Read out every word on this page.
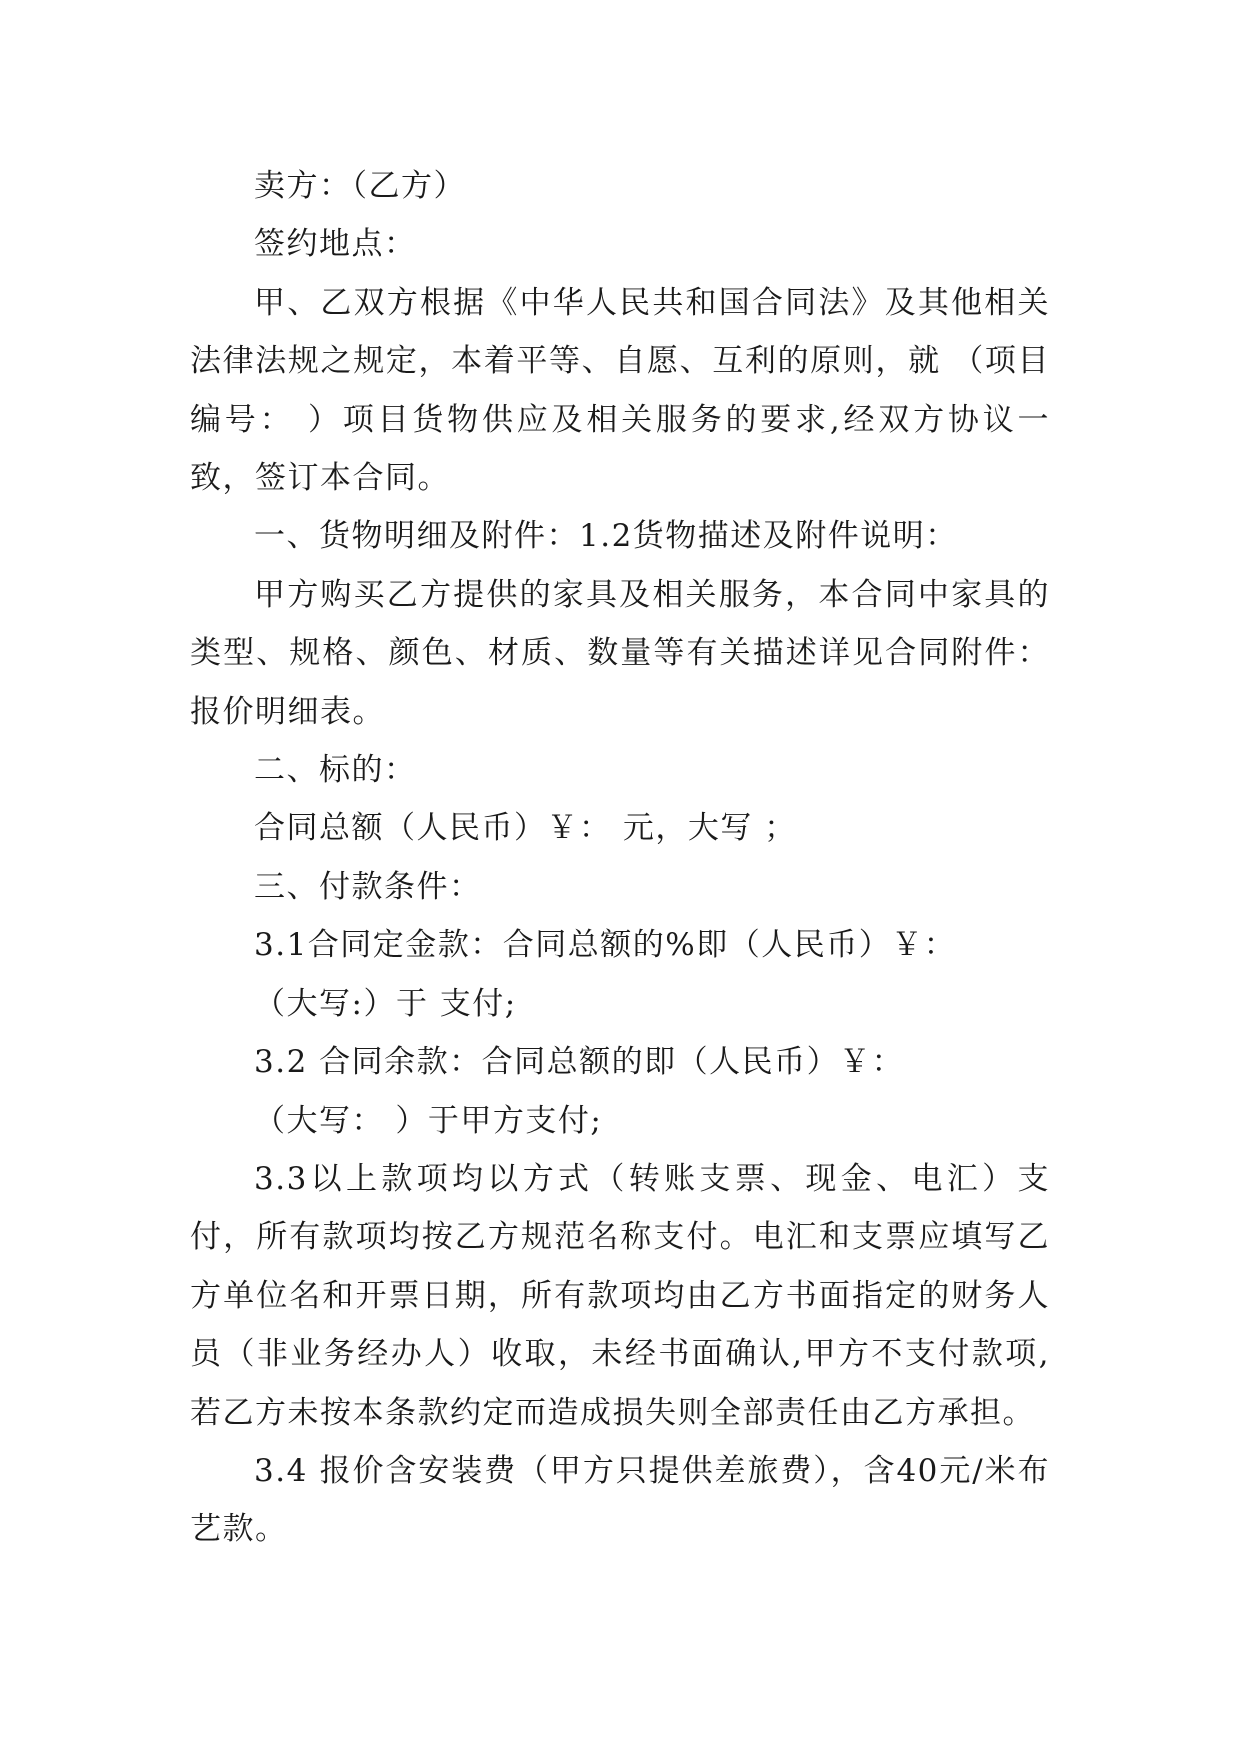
卖方：（乙方）

签约地点：

甲、乙双方根据《中华人民共和国合同法》及其他相关法律法规之规定，本着平等、自愿、互利的原则，就 （项目编号： ）项目货物供应及相关服务的要求,经双方协议一致，签订本合同。

一、货物明细及附件：1.2货物描述及附件说明：

甲方购买乙方提供的家具及相关服务，本合同中家具的类型、规格、颜色、材质、数量等有关描述详见合同附件：报价明细表。

二、标的：

合同总额（人民币）￥： 元，大写 ；

三、付款条件：

3.1合同定金款：合同总额的%即（人民币）￥：

（大写:）于 支付;

3.2 合同余款：合同总额的即（人民币）￥：

（大写： ）于甲方支付;

3.3以上款项均以方式（转账支票、现金、电汇）支付，所有款项均按乙方规范名称支付。电汇和支票应填写乙方单位名和开票日期，所有款项均由乙方书面指定的财务人员（非业务经办人）收取，未经书面确认,甲方不支付款项,若乙方未按本条款约定而造成损失则全部责任由乙方承担。

3.4 报价含安装费（甲方只提供差旅费），含40元/米布艺款。
